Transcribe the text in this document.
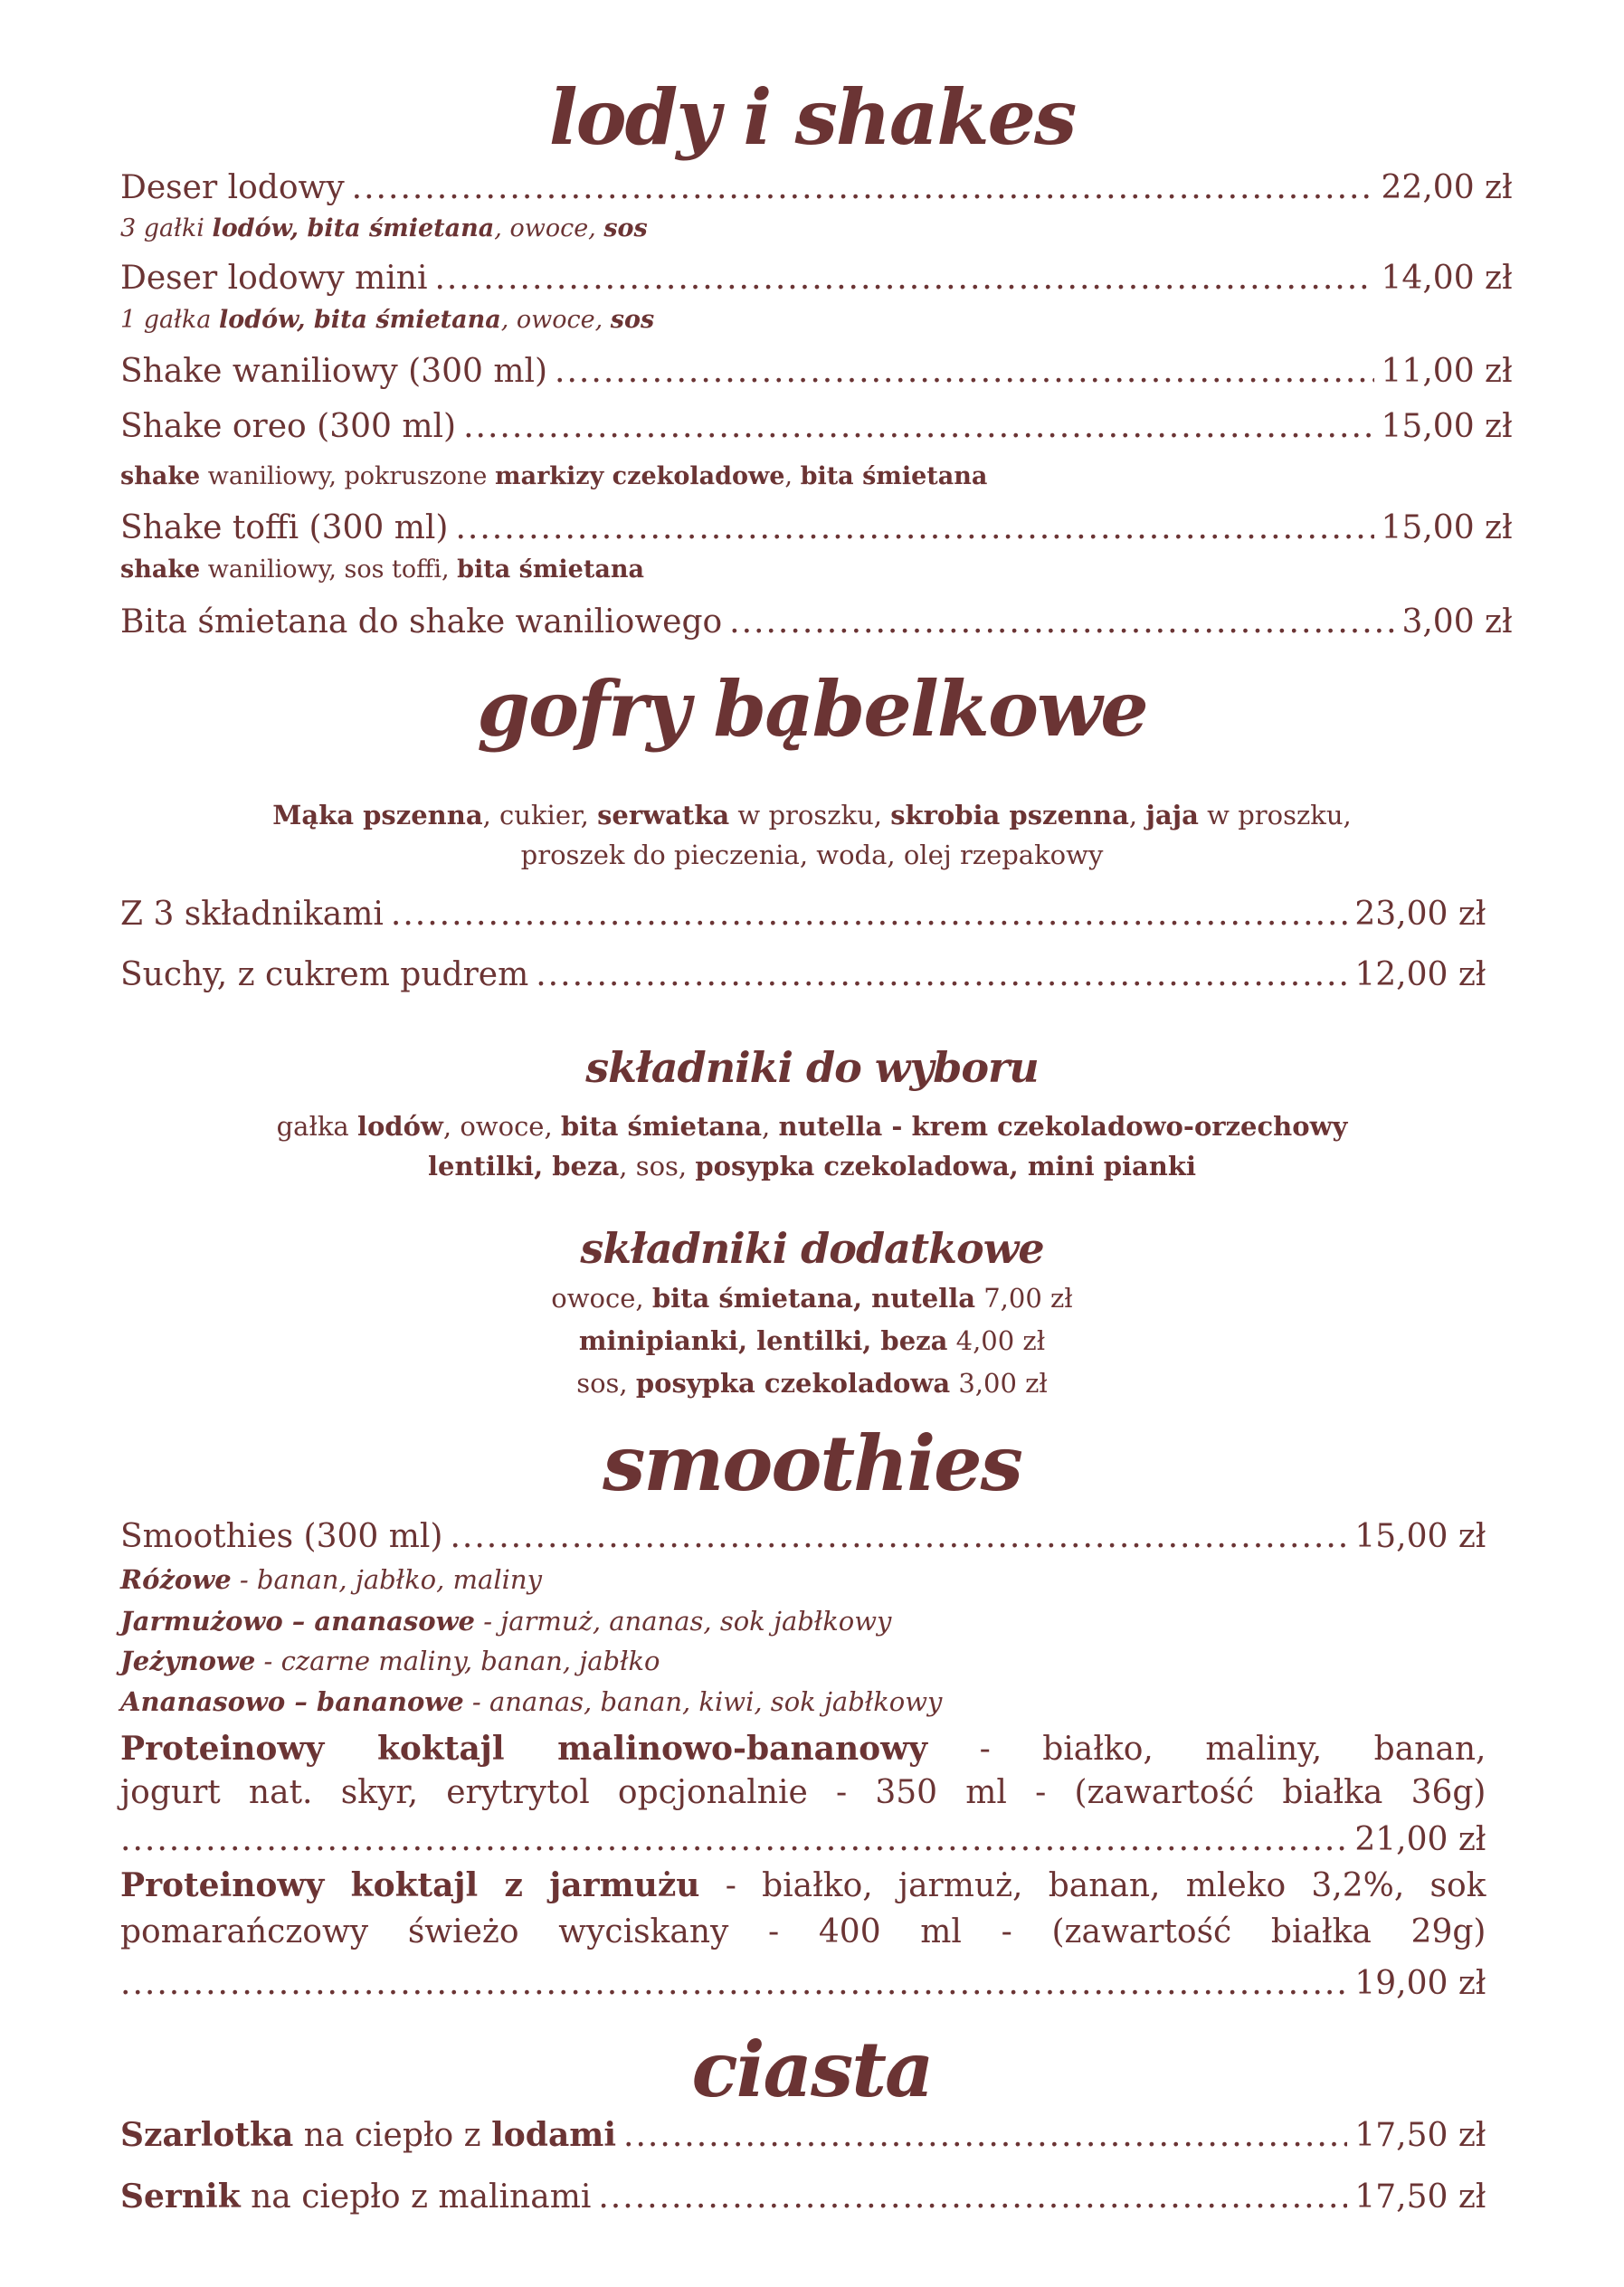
lody i shakes
Deser lodowy .....	22,00 zł
3 gałki lodów, bita śmietana, owoce, sos
Deser lodowy mini .....	14,00 zł
1 gałka lodów, bita śmietana, owoce, sos
Shake waniliowy (300 ml) .....	11,00 zł
Shake oreo (300 ml) .....	15,00 zł
shake waniliowy, pokruszone markizy czekoladowe, bita śmietana
Shake toffi (300 ml) .....	15,00 zł
shake waniliowy, sos toffi, bita śmietana
Bita śmietana do shake waniliowego .....	3,00 zł
gofry bąbelkowe
Mąka pszenna, cukier, serwatka w proszku, skrobia pszenna, jaja w proszku,
proszek do pieczenia, woda, olej rzepakowy
Z 3 składnikami .....	23,00 zł
Suchy, z cukrem pudrem .....	12,00 zł
składniki do wyboru
gałka lodów, owoce, bita śmietana, nutella - krem czekoladowo-orzechowy
lentilki, beza, sos, posypka czekoladowa, mini pianki
składniki dodatkowe
owoce, bita śmietana, nutella 7,00 zł
minipianki, lentilki, beza 4,00 zł
sos, posypka czekoladowa 3,00 zł
smoothies
Smoothies (300 ml) .....	15,00 zł
Różowe - banan, jabłko, maliny
Jarmużowo – ananasowe - jarmuż, ananas, sok jabłkowy
Jeżynowe - czarne maliny, banan, jabłko
Ananasowo – bananowe - ananas, banan, kiwi, sok jabłkowy
Proteinowy koktajl malinowo-bananowy - białko, maliny, banan,
jogurt nat. skyr, erytrytol opcjonalnie - 350 ml - (zawartość białka 36g)
.....
21,00 zł
Proteinowy koktajl z jarmużu - białko, jarmuż, banan, mleko 3,2%, sok
pomarańczowy świeżo wyciskany - 400 ml - (zawartość białka 29g)
.....
19,00 zł
ciasta
Szarlotka na ciepło z lodami .....	17,50 zł
Sernik na ciepło z malinami .....	17,50 zł
